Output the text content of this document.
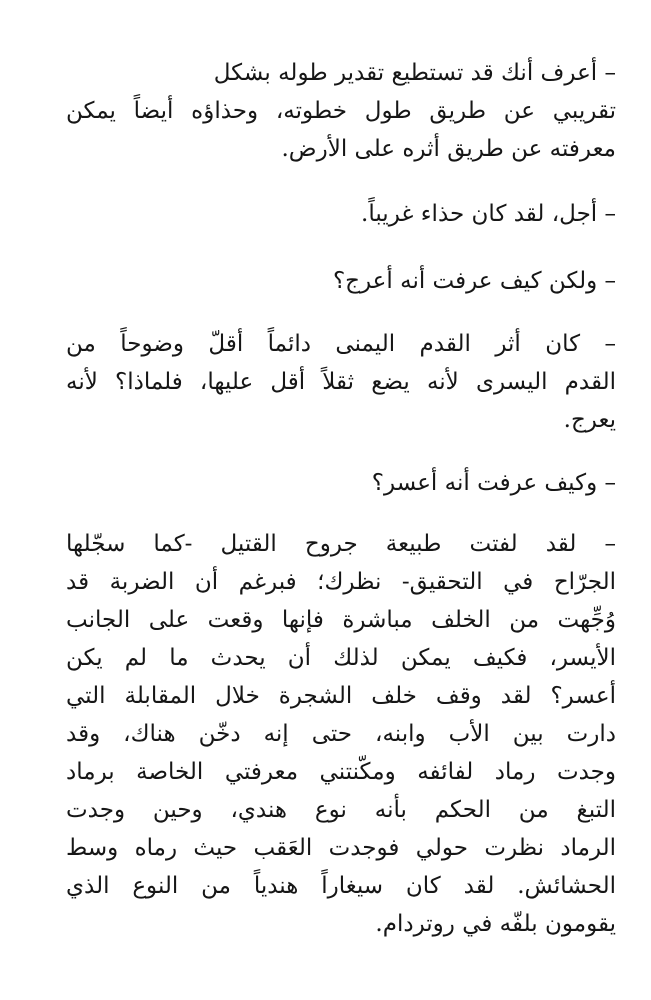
– أعرف أنك قد تستطيع تقدير طوله بشكل
تقريبي عن طريق طول خطوته، وحذاؤه أيضاً يمكن
معرفته عن طريق أثره على الأرض.
– أجل، لقد كان حذاء غريباً.
– ولكن كيف عرفت أنه أعرج؟
– كان أثر القدم اليمنى دائماً أقلّ وضوحاً من
القدم اليسرى لأنه يضع ثقلاً أقل عليها، فلماذا؟ لأنه
يعرج.
– وكيف عرفت أنه أعسر؟
– لقد لفتت طبيعة جروح القتيل -كما سجّلها
الجرّاح في التحقيق- نظرك؛ فبرغم أن الضربة قد
وُجِّهت من الخلف مباشرة فإنها وقعت على الجانب
الأيسر، فكيف يمكن لذلك أن يحدث ما لم يكن
أعسر؟ لقد وقف خلف الشجرة خلال المقابلة التي
دارت بين الأب وابنه، حتى إنه دخّن هناك، وقد
وجدت رماد لفائفه ومكّنتني معرفتي الخاصة برماد
التبغ من الحكم بأنه نوع هندي، وحين وجدت
الرماد نظرت حولي فوجدت العَقب حيث رماه وسط
الحشائش. لقد كان سيغاراً هندياً من النوع الذي
يقومون بلفّه في روتردام.
